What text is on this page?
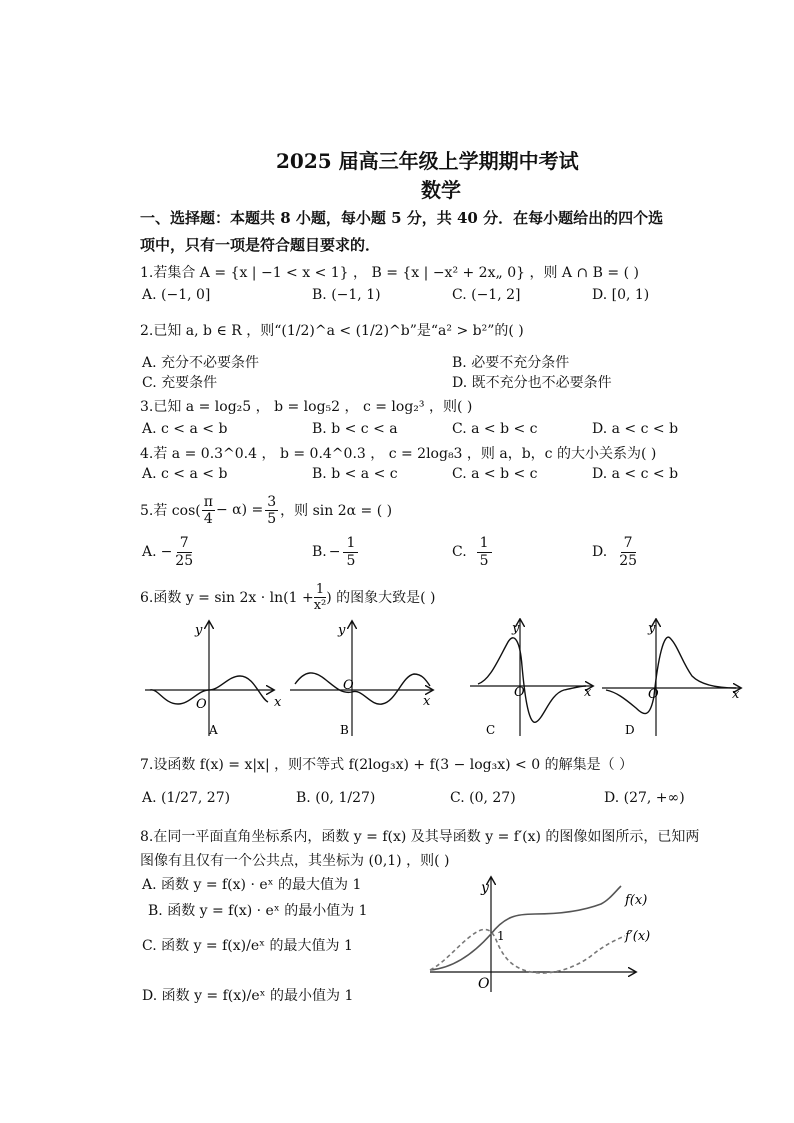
2025 届高三年级上学期期中考试
数学
一、选择题：本题共 8 小题，每小题 5 分，共 40 分．在每小题给出的四个选
项中，只有一项是符合题目要求的．
1.若集合 A = {x | −1 < x < 1} ， B = {x | −x² + 2x„ 0} ，则 A ∩ B = ( )
A. (−1, 0]	B. (−1, 1)	C. (−1, 2]	D. [0, 1)
2.已知 a, b ∈ R ，则“(1/2)^a < (1/2)^b”是“a² > b²”的( )
A. 充分不必要条件	B. 必要不充分条件
C. 充要条件	D. 既不充分也不必要条件
3.已知 a = log₂5 ， b = log₅2 ， c = log₂³ ，则( )
A. c < a < b	B. b < c < a	C. a < b < c	D. a < c < b
4.若 a = 0.3^0.4 ， b = 0.4^0.3 ， c = 2log₈3 ，则 a，b，c 的大小关系为( )
A. c < a < b	B. b < a < c	C. a < b < c	D. a < c < b
5.若 $\cos( \frac{\pi}{4} - \alpha) = \frac{3}{5}$ ，则 sin 2α = ( )
A. − $\frac{7}{25}$	B. − $\frac{1}{5}$	C. $\frac{1}{5}$	D. $\frac{7}{25}$
6.函数 $y = \sin 2x \cdot \ln(1 + \frac{1}{\text{x²}}$ ) 的图象大致是( )
y
x
O
A
y
x
O
B
y
x
O
C
y
x
O
D
7.设函数 f(x) = x|x| ，则不等式 f(2log₃x) + f(3 − log₃x) < 0 的解集是（ ）
A. (1/27, 27)	B. (0, 1/27)	C. (0, 27)	D. (27, +∞)
8.在同一平面直角坐标系内，函数 y = f(x) 及其导函数 y = f′(x) 的图像如图所示，已知两
图像有且仅有一个公共点，其坐标为 (0,1) ，则( )
A. 函数 y = f(x) · eˣ 的最大值为 1
B. 函数 y = f(x) · eˣ 的最小值为 1
C. 函数 y = f(x)/eˣ 的最大值为 1
D. 函数 y = f(x)/eˣ 的最小值为 1
y
O
1
f(x)
f′(x)
